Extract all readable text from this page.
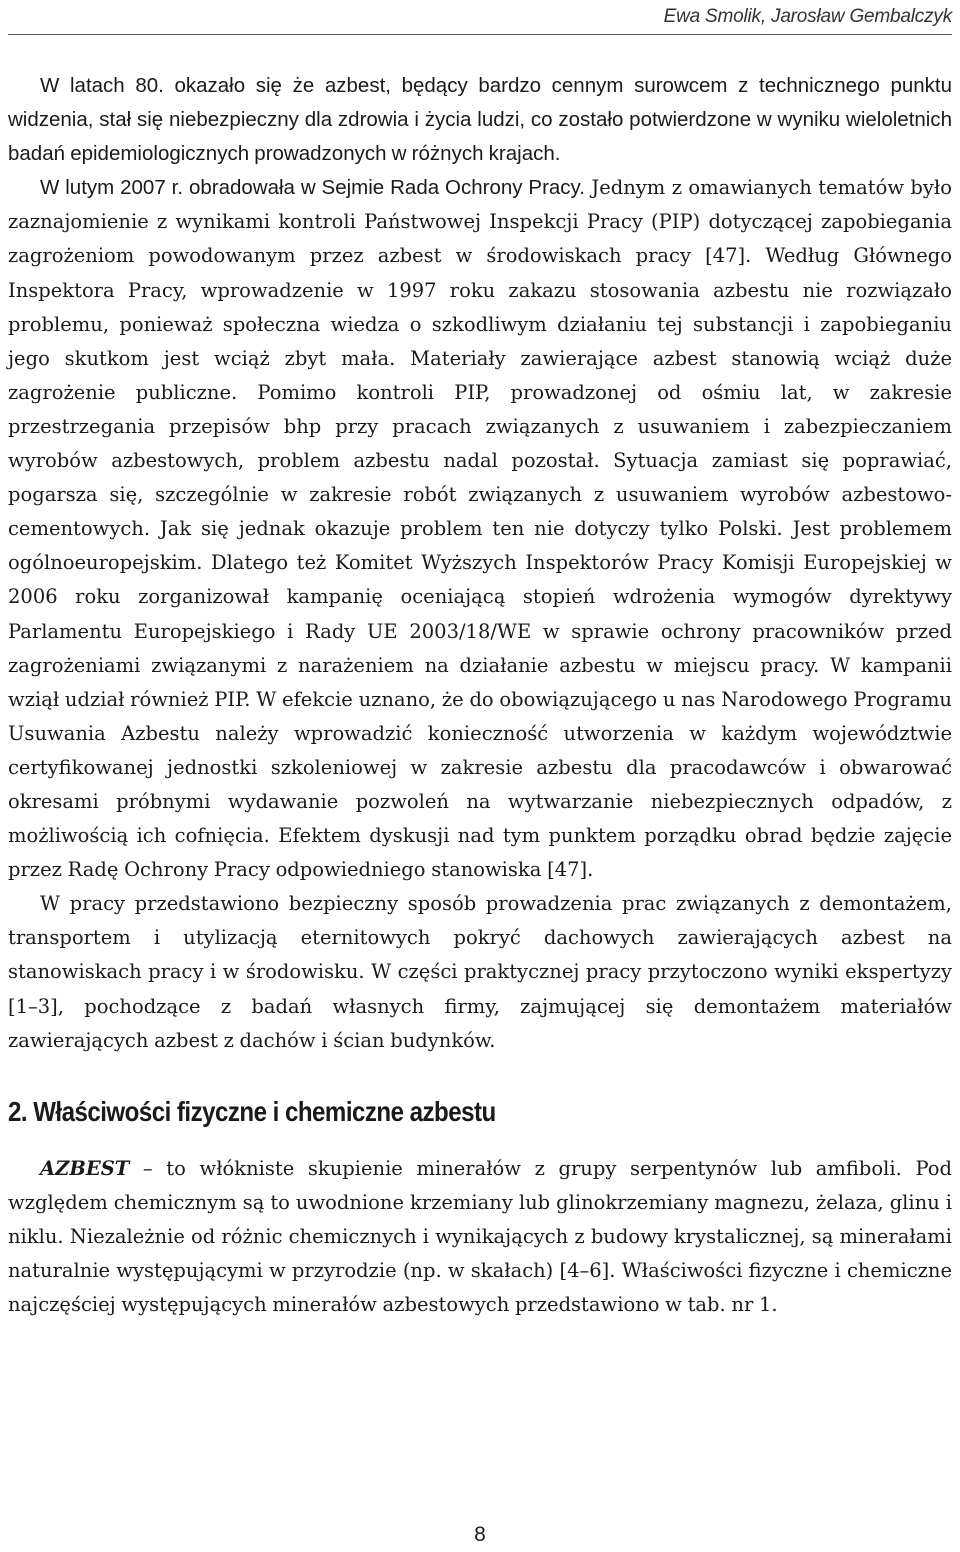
Ewa Smolik, Jarosław Gembalczyk

W latach 80. okazało się że azbest, będący bardzo cennym surowcem z technicznego punktu widzenia, stał się niebezpieczny dla zdrowia i życia ludzi, co zostało potwierdzone w wyniku wieloletnich badań epidemiologicznych prowadzonych w różnych krajach.

W lutym 2007 r. obradowała w Sejmie Rada Ochrony Pracy. Jednym z omawianych tematów było zaznajomienie z wynikami kontroli Państwowej Inspekcji Pracy (PIP) dotyczącej zapobiegania zagrożeniom powodowanym przez azbest w środowiskach pracy [47]. Według Głównego Inspektora Pracy, wprowadzenie w 1997 roku zakazu stosowania azbestu nie rozwiązało problemu, ponieważ społeczna wiedza o szkodliwym działaniu tej substancji i zapobieganiu jego skutkom jest wciąż zbyt mała. Materiały zawierające azbest stanowią wciąż duże zagrożenie publiczne. Pomimo kontroli PIP, prowadzonej od ośmiu lat, w zakresie przestrzegania przepisów bhp przy pracach związanych z usuwaniem i zabezpieczaniem wyrobów azbestowych, problem azbestu nadal pozostał. Sytuacja zamiast się poprawiać, pogarsza się, szczególnie w zakresie robót związanych z usuwaniem wyrobów azbestowo-cementowych. Jak się jednak okazuje problem ten nie dotyczy tylko Polski. Jest problemem ogólnoeuropejskim. Dlatego też Komitet Wyższych Inspektorów Pracy Komisji Europejskiej w 2006 roku zorganizował kampanię oceniającą stopień wdrożenia wymogów dyrektywy Parlamentu Europejskiego i Rady UE 2003/18/WE w sprawie ochrony pracowników przed zagrożeniami związanymi z narażeniem na działanie azbestu w miejscu pracy. W kampanii wziął udział również PIP. W efekcie uznano, że do obowiązującego u nas Narodowego Programu Usuwania Azbestu należy wprowadzić konieczność utworzenia w każdym województwie certyfikowanej jednostki szkoleniowej w zakresie azbestu dla pracodawców i obwarować okresami próbnymi wydawanie pozwoleń na wytwarzanie niebezpiecznych odpadów, z możliwością ich cofnięcia. Efektem dyskusji nad tym punktem porządku obrad będzie zajęcie przez Radę Ochrony Pracy odpowiedniego stanowiska [47].

W pracy przedstawiono bezpieczny sposób prowadzenia prac związanych z demontażem, transportem i utylizacją eternitowych pokryć dachowych zawierających azbest na stanowiskach pracy i w środowisku. W części praktycznej pracy przytoczono wyniki ekspertyzy [1–3], pochodzące z badań własnych firmy, zajmującej się demontażem materiałów zawierających azbest z dachów i ścian budynków.

2. Właściwości fizyczne i chemiczne azbestu

AZBEST – to włókniste skupienie minerałów z grupy serpentynów lub amfiboli. Pod względem chemicznym są to uwodnione krzemiany lub glinokrzemiany magnezu, żelaza, glinu i niklu. Niezależnie od różnic chemicznych i wynikających z budowy krystalicznej, są minerałami naturalnie występującymi w przyrodzie (np. w skałach) [4–6]. Właściwości fizyczne i chemiczne najczęściej występujących minerałów azbestowych przedstawiono w tab. nr 1.

8
